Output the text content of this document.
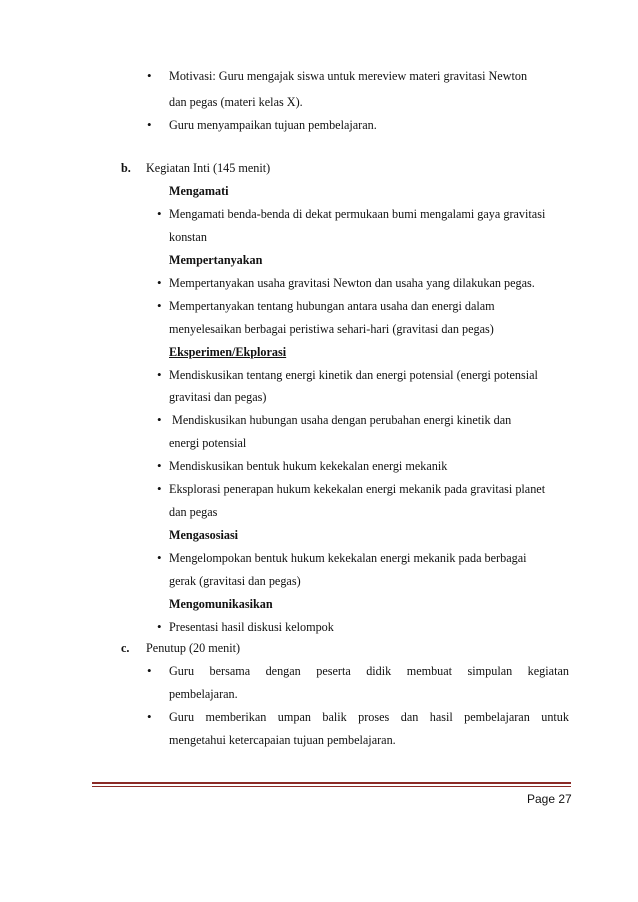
• Motivasi: Guru mengajak siswa untuk mereview materi gravitasi Newton
dan pegas (materi kelas X).
• Guru menyampaikan tujuan pembelajaran.
b. Kegiatan Inti (145 menit)
Mengamati
• Mengamati benda-benda di dekat permukaan bumi mengalami gaya gravitasi
konstan
Mempertanyakan
• Mempertanyakan usaha gravitasi Newton dan usaha yang dilakukan pegas.
• Mempertanyakan tentang hubungan antara usaha dan energi dalam
menyelesaikan berbagai peristiwa sehari-hari (gravitasi dan pegas)
Eksperimen/Ekplorasi
• Mendiskusikan tentang energi kinetik dan energi potensial (energi potensial
gravitasi dan pegas)
• Mendiskusikan hubungan usaha dengan perubahan energi kinetik dan
energi potensial
• Mendiskusikan bentuk hukum kekekalan energi mekanik
• Eksplorasi penerapan hukum kekekalan energi mekanik pada gravitasi planet
dan pegas
Mengasosiasi
• Mengelompokan bentuk hukum kekekalan energi mekanik pada berbagai
gerak (gravitasi dan pegas)
Mengomunikasikan
• Presentasi hasil diskusi kelompok
c. Penutup (20 menit)
• Guru bersama dengan peserta didik membuat simpulan kegiatan
pembelajaran.
• Guru memberikan umpan balik proses dan hasil pembelajaran untuk
mengetahui ketercapaian tujuan pembelajaran.
Page 27
